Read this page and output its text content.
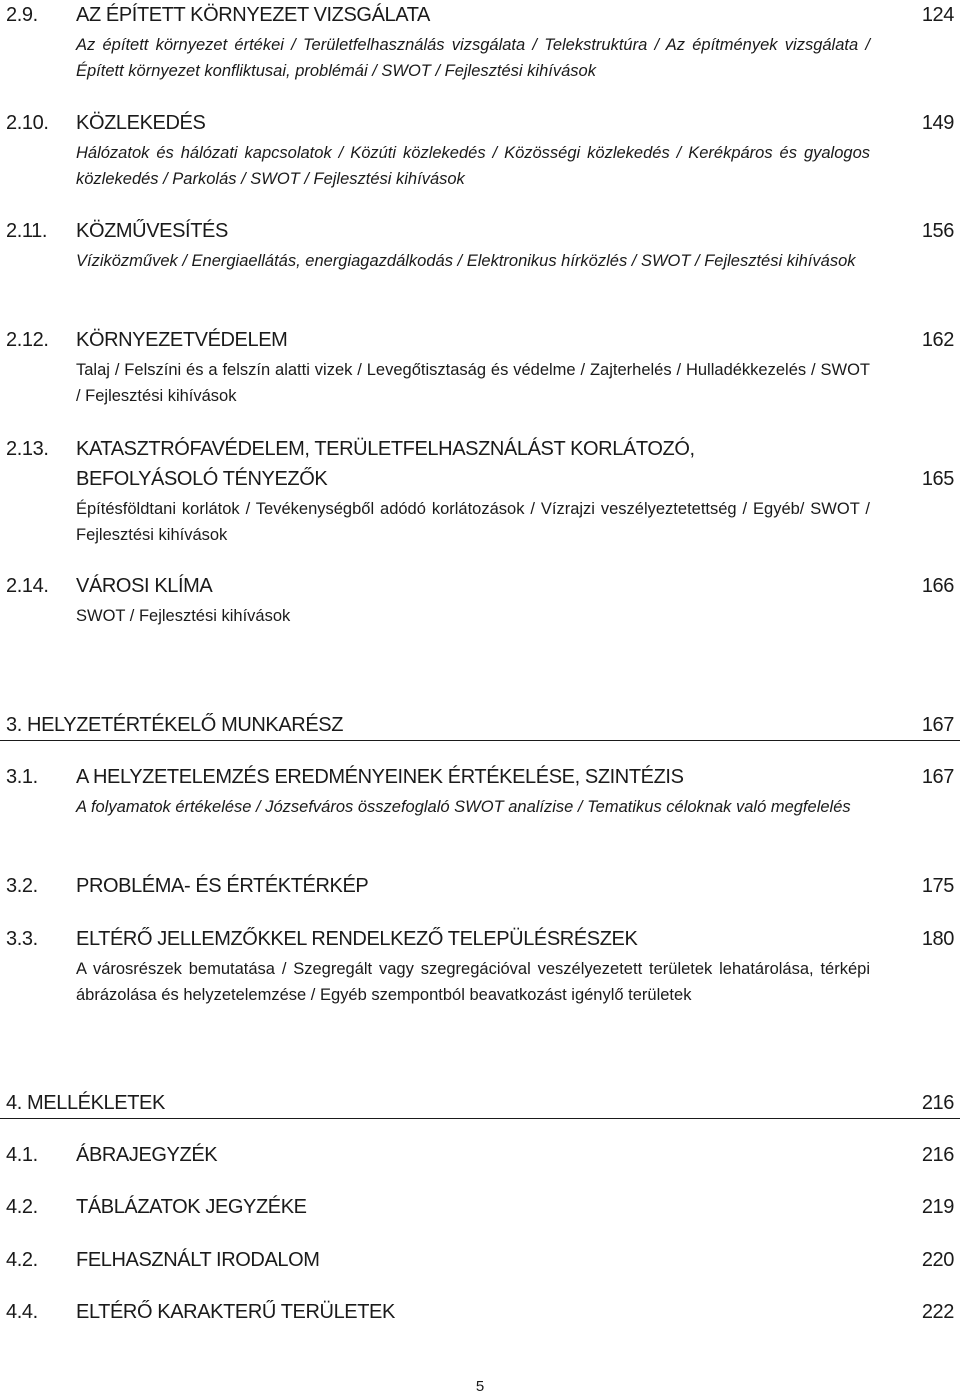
2.9. AZ ÉPÍTETT KÖRNYEZET VIZSGÁLATA	124
Az épített környezet értékei / Területfelhasználás vizsgálata / Telekstruktúra / Az építmények vizsgálata / Épített környezet konfliktusai, problémái / SWOT / Fejlesztési kihívások
2.10. KÖZLEKEDÉS	149
Hálózatok és hálózati kapcsolatok / Közúti közlekedés / Közösségi közlekedés / Kerékpáros és gyalogos közlekedés / Parkolás / SWOT / Fejlesztési kihívások
2.11. KÖZMŰVESÍTÉS	156
Víziközművek / Energiaellátás, energiagazdálkodás / Elektronikus hírközlés / SWOT / Fejlesztési kihívások
2.12. KÖRNYEZETVÉDELEM	162
Talaj / Felszíni és a felszín alatti vizek / Levegőtisztaság és védelme / Zajterhelés / Hulladékkezelés / SWOT / Fejlesztési kihívások
2.13. KATASZTRÓFAVÉDELEM, TERÜLETFELHASZNÁLÁST KORLÁTOZÓ,
BEFOLYÁSOLÓ TÉNYEZŐK	165
Építésföldtani korlátok / Tevékenységből adódó korlátozások / Vízrajzi veszélyeztetettség / Egyéb/ SWOT / Fejlesztési kihívások
2.14. VÁROSI KLÍMA	166
SWOT / Fejlesztési kihívások
3. HELYZETÉRTÉKELŐ MUNKARÉSZ	167
3.1. A HELYZETELEMZÉS EREDMÉNYEINEK ÉRTÉKELÉSE, SZINTÉZIS	167
A folyamatok értékelése / Józsefváros összefoglaló SWOT analízise / Tematikus céloknak való megfelelés
3.2. PROBLÉMA- ÉS ÉRTÉKTÉRKÉP	175
3.3. ELTÉRŐ JELLEMZŐKKEL RENDELKEZŐ TELEPÜLÉSRÉSZEK	180
A városrészek bemutatása / Szegregált vagy szegregációval veszélyezetett területek lehatárolása, térképi ábrázolása és helyzetelemzése / Egyéb szempontból beavatkozást igénylő területek
4. MELLÉKLETEK	216
4.1. ÁBRAJEGYZÉK	216
4.2. TÁBLÁZATOK JEGYZÉKE	219
4.2. FELHASZNÁLT IRODALOM	220
4.4. ELTÉRŐ KARAKTERŰ TERÜLETEK	222
5
